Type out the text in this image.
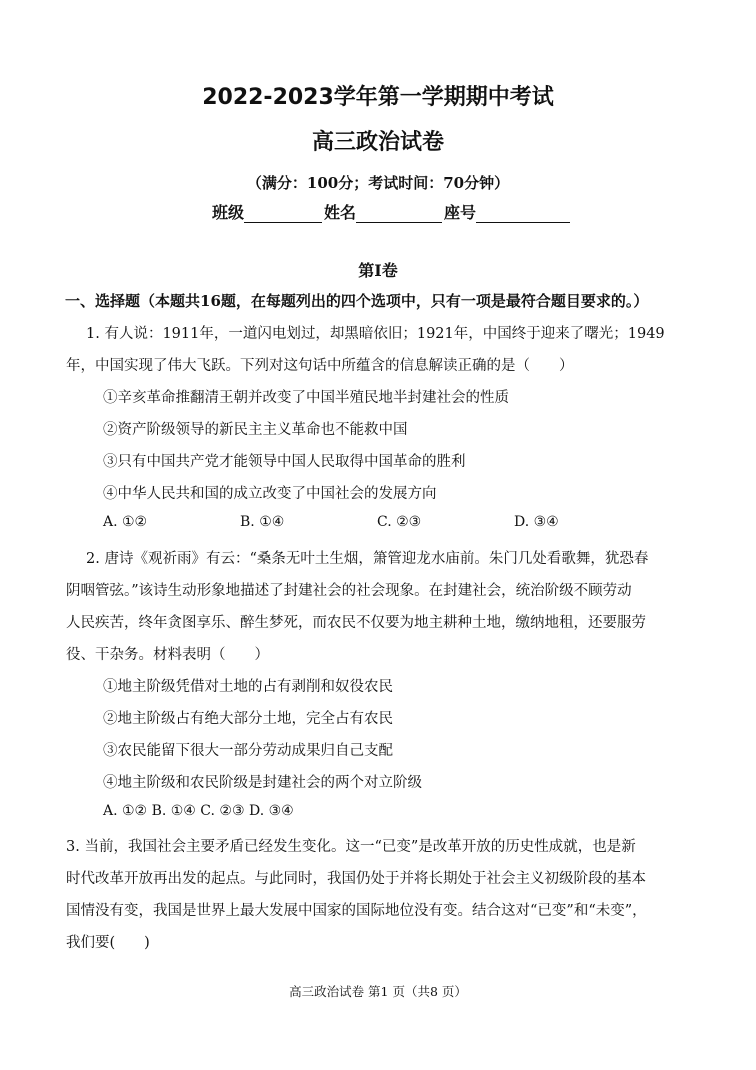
2022-2023学年第一学期期中考试
高三政治试卷
（满分：100分；考试时间：70分钟）
班级	姓名	座号
第Ⅰ卷
一、选择题（本题共16题，在每题列出的四个选项中，只有一项是最符合题目要求的。）
1. 有人说：1911年，一道闪电划过，却黑暗依旧；1921年，中国终于迎来了曙光；1949
年，中国实现了伟大飞跃。下列对这句话中所蕴含的信息解读正确的是（　　）
①辛亥革命推翻清王朝并改变了中国半殖民地半封建社会的性质
②资产阶级领导的新民主主义革命也不能救中国
③只有中国共产党才能领导中国人民取得中国革命的胜利
④中华人民共和国的成立改变了中国社会的发展方向
A. ①②	B. ①④	C. ②③	D. ③④
2. 唐诗《观祈雨》有云：“桑条无叶土生烟，箫管迎龙水庙前。朱门几处看歌舞，犹恐春
阴咽管弦。”该诗生动形象地描述了封建社会的社会现象。在封建社会，统治阶级不顾劳动
人民疾苦，终年贪图享乐、醉生梦死，而农民不仅要为地主耕种土地，缴纳地租，还要服劳
役、干杂务。材料表明（　　）
①地主阶级凭借对土地的占有剥削和奴役农民
②地主阶级占有绝大部分土地，完全占有农民
③农民能留下很大一部分劳动成果归自己支配
④地主阶级和农民阶级是封建社会的两个对立阶级
A. ①② B. ①④ C. ②③ D. ③④
3. 当前，我国社会主要矛盾已经发生变化。这一“已变”是改革开放的历史性成就，也是新
时代改革开放再出发的起点。与此同时，我国仍处于并将长期处于社会主义初级阶段的基本
国情没有变，我国是世界上最大发展中国家的国际地位没有变。结合这对“已变”和“未变”，
我们要(　　)
高三政治试卷 第1 页（共8 页）
